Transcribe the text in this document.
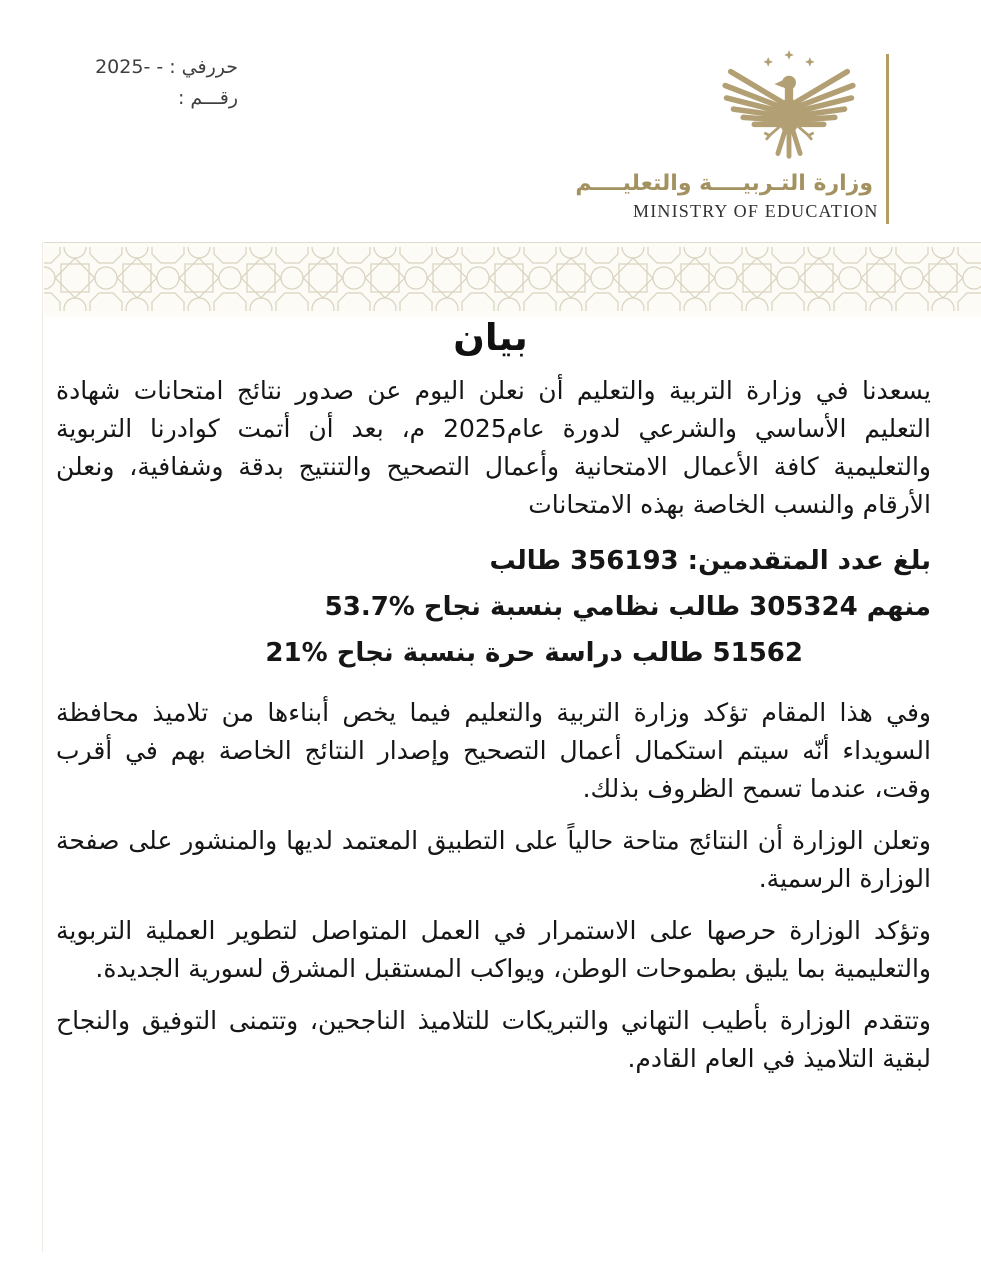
حررفي : - -2025
رقـــم :
وزارة التـربيــــة والتعليــــم
MINISTRY OF EDUCATION
بيان

يسعدنا في وزارة التربية والتعليم أن نعلن اليوم عن صدور نتائج امتحانات شهادة التعليم الأساسي والشرعي لدورة عام2025 م، بعد أن أتمت كوادرنا التربوية والتعليمية كافة الأعمال الامتحانية وأعمال التصحيح والتنتيج بدقة وشفافية، ونعلن الأرقام والنسب الخاصة بهذه الامتحانات

بلغ عدد المتقدمين: 356193 طالب
منهم 305324 طالب نظامي بنسبة نجاح %53.7
51562 طالب دراسة حرة بنسبة نجاح %21

وفي هذا المقام تؤكد وزارة التربية والتعليم فيما يخص أبناءها من تلاميذ محافظة السويداء أنّه سيتم استكمال أعمال التصحيح وإصدار النتائج الخاصة بهم في أقرب وقت، عندما تسمح الظروف بذلك.

وتعلن الوزارة أن النتائج متاحة حالياً على التطبيق المعتمد لديها والمنشور على صفحة الوزارة الرسمية.

وتؤكد الوزارة حرصها على الاستمرار في العمل المتواصل لتطوير العملية التربوية والتعليمية بما يليق بطموحات الوطن، ويواكب المستقبل المشرق لسورية الجديدة.

وتتقدم الوزارة بأطيب التهاني والتبريكات للتلاميذ الناجحين، وتتمنى التوفيق والنجاح لبقية التلاميذ في العام القادم.
